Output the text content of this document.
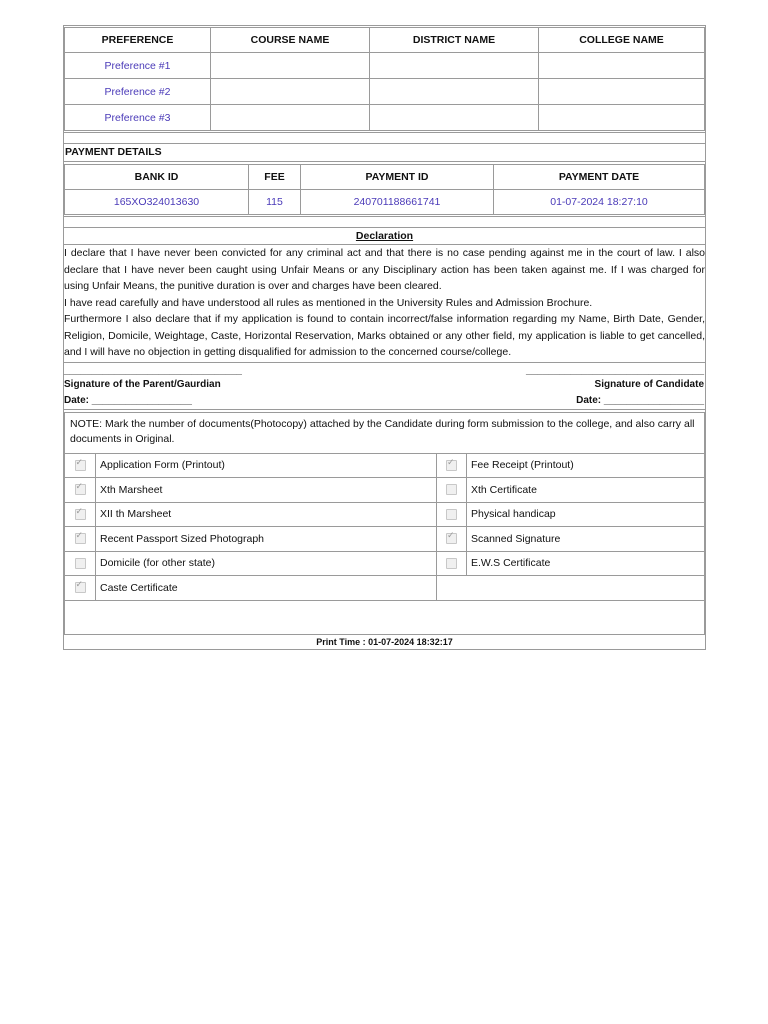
PREFERENCE	COURSE NAME	DISTRICT NAME	COLLEGE NAME
Preference #1			
Preference #2			
Preference #3			
PAYMENT DETAILS
BANK ID	FEE	PAYMENT ID	PAYMENT DATE
165XO324013630	115	240701188661741	01-07-2024 18:27:10
Declaration

I declare that I have never been convicted for any criminal act and that there is no case pending against me in the court of law. I also declare that I have never been caught using Unfair Means or any Disciplinary action has been taken against me. If I was charged for using Unfair Means, the punitive duration is over and charges have been cleared.

I have read carefully and have understood all rules as mentioned in the University Rules and Admission Brochure.

Furthermore I also declare that if my application is found to contain incorrect/false information regarding my Name, Birth Date, Gender, Religion, Domicile, Weightage, Caste, Horizontal Reservation, Marks obtained or any other field, my application is liable to get cancelled, and I will have no objection in getting disqualified for admission to the concerned course/college.

________________________________
Signature of the Parent/Gaurdian
Date: __________________
________________________________
Signature of Candidate
Date: __________________
NOTE: Mark the number of documents(Photocopy) attached by the Candidate during form submission to the college, and also carry all documents in Original.
✓	Application Form (Printout)	✓	Fee Receipt (Printout)
✓	Xth Marsheet		Xth Certificate
✓	XII th Marsheet		Physical handicap
✓	Recent Passport Sized Photograph	✓	Scanned Signature
	Domicile (for other state)		E.W.S Certificate
✓	Caste Certificate		
Print Time : 01-07-2024 18:32:17
